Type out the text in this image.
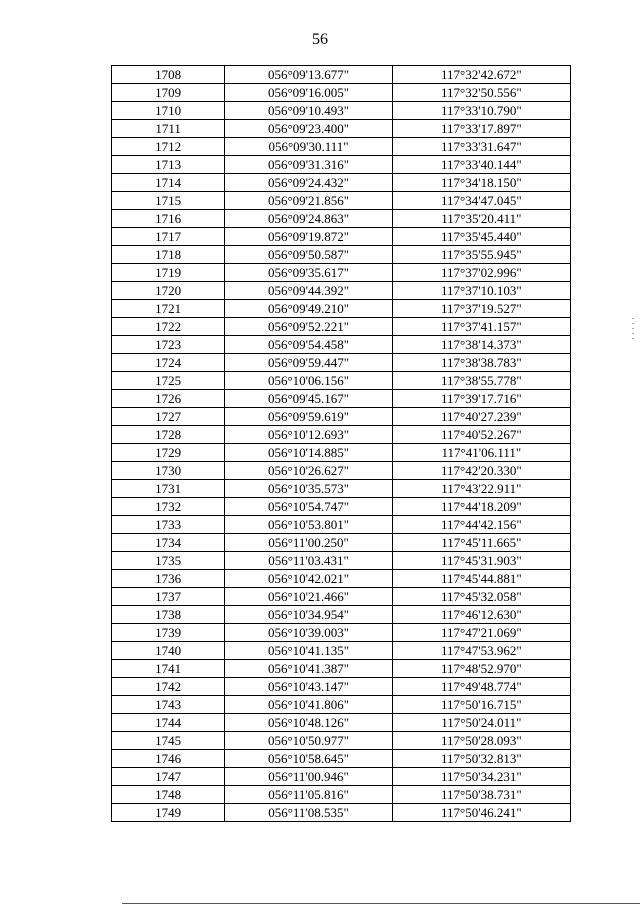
56
1708	056°09'13.677"	117°32'42.672"
1709	056°09'16.005"	117°32'50.556"
1710	056°09'10.493"	117°33'10.790"
1711	056°09'23.400"	117°33'17.897"
1712	056°09'30.111"	117°33'31.647"
1713	056°09'31.316"	117°33'40.144"
1714	056°09'24.432"	117°34'18.150"
1715	056°09'21.856"	117°34'47.045"
1716	056°09'24.863"	117°35'20.411"
1717	056°09'19.872"	117°35'45.440"
1718	056°09'50.587"	117°35'55.945"
1719	056°09'35.617"	117°37'02.996"
1720	056°09'44.392"	117°37'10.103"
1721	056°09'49.210"	117°37'19.527"
1722	056°09'52.221"	117°37'41.157"
1723	056°09'54.458"	117°38'14.373"
1724	056°09'59.447"	117°38'38.783"
1725	056°10'06.156"	117°38'55.778"
1726	056°09'45.167"	117°39'17.716"
1727	056°09'59.619"	117°40'27.239"
1728	056°10'12.693"	117°40'52.267"
1729	056°10'14.885"	117°41'06.111"
1730	056°10'26.627"	117°42'20.330"
1731	056°10'35.573"	117°43'22.911"
1732	056°10'54.747"	117°44'18.209"
1733	056°10'53.801"	117°44'42.156"
1734	056°11'00.250"	117°45'11.665"
1735	056°11'03.431"	117°45'31.903"
1736	056°10'42.021"	117°45'44.881"
1737	056°10'21.466"	117°45'32.058"
1738	056°10'34.954"	117°46'12.630"
1739	056°10'39.003"	117°47'21.069"
1740	056°10'41.135"	117°47'53.962"
1741	056°10'41.387"	117°48'52.970"
1742	056°10'43.147"	117°49'48.774"
1743	056°10'41.806"	117°50'16.715"
1744	056°10'48.126"	117°50'24.011"
1745	056°10'50.977"	117°50'28.093"
1746	056°10'58.645"	117°50'32.813"
1747	056°11'00.946"	117°50'34.231"
1748	056°11'05.816"	117°50'38.731"
1749	056°11'08.535"	117°50'46.241"
